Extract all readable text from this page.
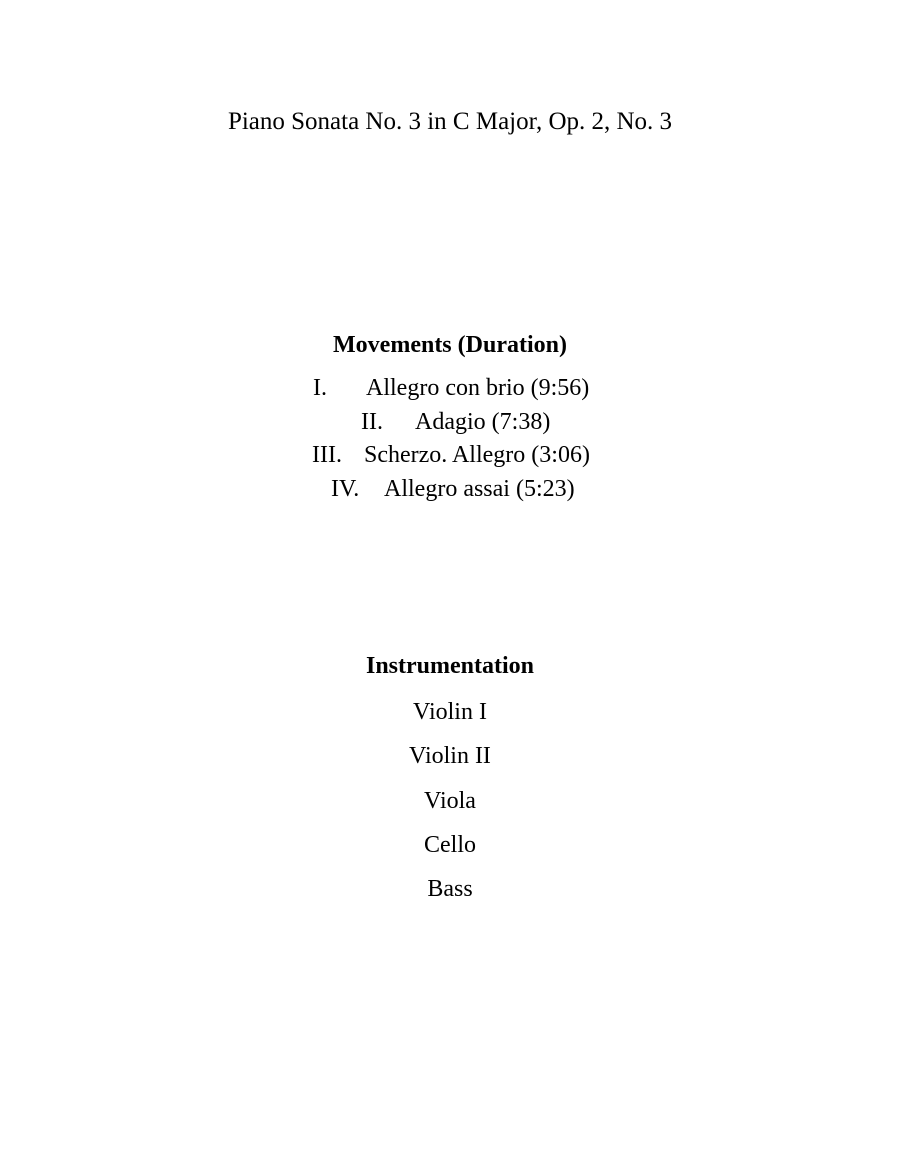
Piano Sonata No. 3 in C Major, Op. 2, No. 3
Movements (Duration)
I. Allegro con brio (9:56)
II. Adagio (7:38)
III. Scherzo. Allegro (3:06)
IV. Allegro assai (5:23)
Instrumentation
Violin I
Violin II
Viola
Cello
Bass
